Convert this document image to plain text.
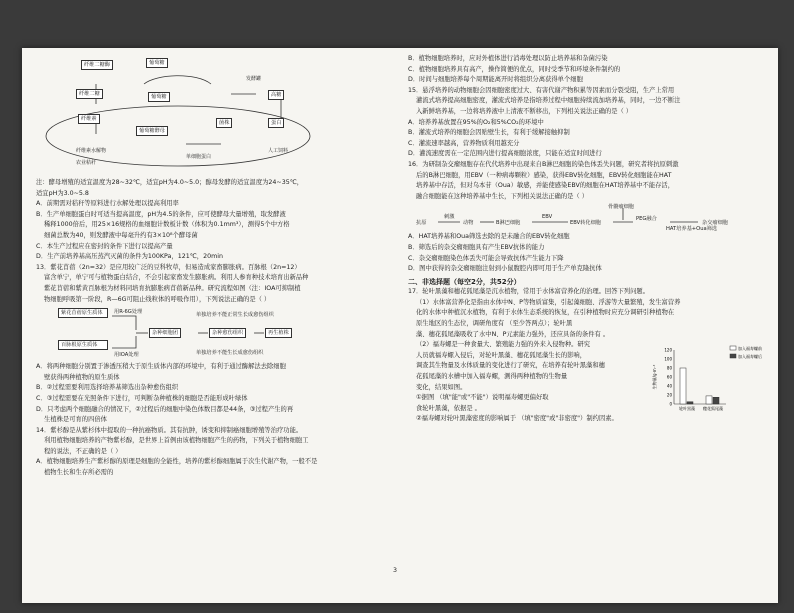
纤维二糖酶	葡萄糖
纤维二糖	葡萄糖
纤维素
葡萄糖酵母
菌株
高糖
蛋白
纤维素水解物
农业秸秆
单细胞蛋白
人工饲料
发酵罐

注：酵母增殖的适宜温度为28~32℃，适宜pH为4.0~5.0；醇母发酵的适宜温度为24~35℃，

适宜pH为3.0~5.8

A．前期需对秸秆等原料进行水解处理以提高利用率

B．生产单细胞蛋白时可适当提高温度，pH为4.5的条件，应可使酵母大量增殖，取发酵液

稀释1000倍后，用25×16规格的血细胞计数板计数（体积为0.1mm³），测得5个中方格

细菌总数为40，则发酵液中每毫升约有3×10⁸个酵母菌

C．本生产过程应在密封的条件下进行以提高产量

D．生产前培养基高压蒸汽灭菌的条件为100KPa，121℃，20min

13．紫花苜蓿（2n=32）是应用较广泛的豆科牧草，但易造成家畜膨胀病。百脉根（2n=12）

富含单宁，单宁可与植物蛋白结合，不会引起家畜发生膨胀病。利用人参育种技术培育出新品种

紫花苜蓿和紫黄百脉根为材料同培育抗膨胀病苜蓿新品种。研究流程如图（注：IOA可抑制植

物细胞呼吸第一阶段，R—6G可阻止线粒体的呼吸作用），下列说法正确的是（ ）

紫花苜蓿原生质体
百脉根原生质体
用R-6G处理
用IOA处理
杂种细胞团	杂种愈伤组织	再生植株
单独培养不能正常生长成愈伤组织
单独培养不能生长成愈伤组织

A．将两种细胞分别置于渗透压稍大于原生质体内部的环境中，有利于通过酶解法去除细胞

壁获得两种植物的原生质体

B．②过程需要利用选择培养基筛选出杂种愈伤组织

C．③过程需要在光照条件下进行，可判断杂种植株的细胞是否能形成叶绿体

D．只考虑两个细胞融合的情况下，②过程后的细胞中染色体数目都是44条，③过程产生的再

生植株是可育的四倍体

14．紫杉醇是从紫杉体中提取的一种抗癌物质。其有抗肿，诱变和抑制癌细胞增殖等治疗功能。

利用植物细胞培养的产物紫杉醇，是世界上首例由该植物细胞产生的药物，下列关于植物细胞工

程的说法，不正确的是（ ）

A．植物细胞培养生产紫杉醇的原理是细胞的全能性，培养的紫杉醇细胞属于次生代谢产物，一般不是

植物生长和生存所必需的

B．植物细胞培养时，应对外植体进行消毒处理以防止培养基和杂菌污染

C．植物细胞培养具有高产，操作简便的优点，同时受季节和环境条件制约的

D．时间与细胞培养每个周期能离开时将组织分离获得单个细胞

15．悬浮培养的动物细胞会因细胞密度过大、有害代谢产物积累等因素而分裂受阻，生产上常用

灌流式培养提高细胞密度，灌流式培养是指培养过程中细胞持续流加培养基，同时，一边不断注

入新鲜培养基，一边将培养液中上清液不断移出，下列相关说法正确的是（ ）

A．培养养基放置在95%的O₂和5%CO₂的环境中

B．灌流式培养的细胞会因贴壁生长，有利于缓解接触抑制

C．灌流速率越高，营养物质利用越充分

D．灌流速度需在一定范围内进行提高细胞浓度，只能在适宜时间进行

16．为研制杂交瘤细胞存在代代培养中出现来自B淋巴细胞的染色体丢失问题，研究者将抗原刺激

后的B淋巴细胞，用EBV（一种病毒颗粒）感染，获得EBV转化细胞，EBV转化细胞能在HAT

培养基中存活，但对乌本苷（Oua）敏感，并能使感染EBV的细胞在HAT培养基中不能存活，

融合细胞能在这种培养基中生长，下列相关说法正确的是（ ）

抗原
刺激
动物	B淋巴细胞
EBV
EBV转化细胞
骨髓瘤细胞
PEG融合
HAT培养基+Oua筛选
杂交瘤细胞

A．HAT培养基和Oua筛选去除的是未融合的EBV转化细胞

B．筛选后的杂交瘤细胞具有产生EBV抗体的能力

C．杂交瘤细胞染色体丢失可能会导致抗体产生能力下降

D．图中获得的杂交瘤细胞注射到小鼠腹腔内即可用于生产单克隆抗体

二、非选择题（每空2分，共52分）

17．轮叶黑藻和穗花狐尾藻是沉水植物，常用于水体富营养化的治理。回答下列问题。

（1）水体富营养化是指由水体中N、P等物质富集，引起藻细胞、浮游等大量繁殖，发生富营养

化的水体中种植沉水植物，有利于水体生态系统的恢复，在引种植物时应充分调研引种植物在

原生地区的生态位，调研角度有 （至少答两点）；轮叶黑

藻、穗花狐尾藻吸收了水中N、P元素能力强外，还应具备的条件有 。

（2）福寿螺是一种食量大、繁殖能力强的外来入侵物种。研究

人员就福寿螺入侵后，对轮叶黑藻、穗花狐尾藻生长的影响，

调查其生物量及水体质量的变化进行了研究，在培养有轮叶黑藻和穗

花狐尾藻的水槽中加入福寿螺，测得两种植物的生物量

变化，结果如图。

①据图 （填"能"或"不能"）说明福寿螺更偏好取

食轮叶黑藻，依据是 。

②福寿螺对轮叶黑藻密度的影响属于 （填"密度"或"非密度"）制约因素。

0
20
40
60
80
100
120
生物量/g·m⁻²
轮叶黑藻 穗花狐尾藻
加入福寿螺前
加入福寿螺后
3
